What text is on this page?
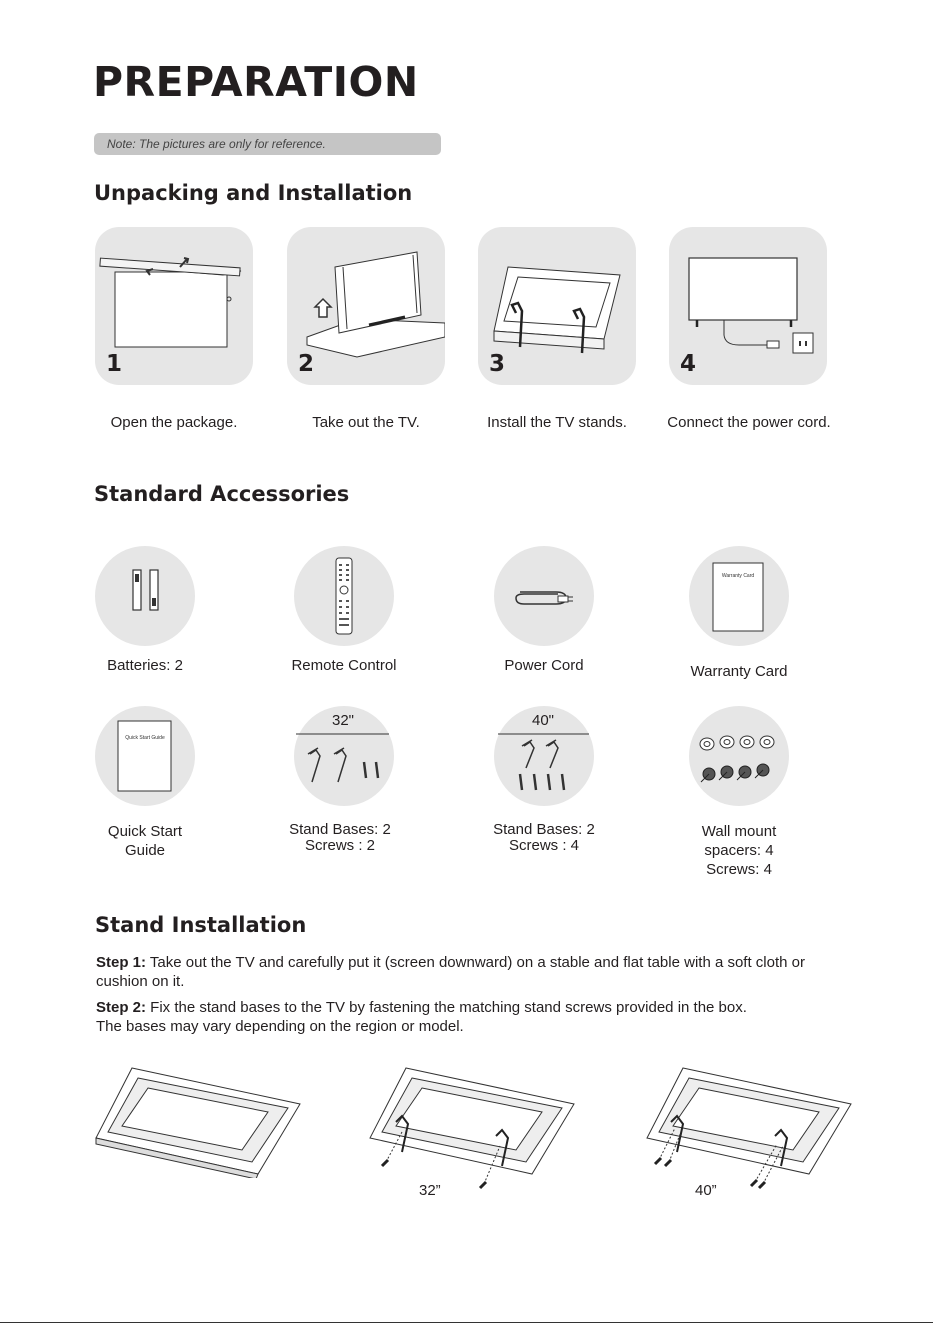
PREPARATION
Note: The pictures are only for reference.
Unpacking and Installation
1	2	3	4
Open the package.	Take out the TV.	Install the TV stands.	Connect the power cord.
Standard Accessories
Warranty Card
Batteries: 2	Remote Control	Power Cord	Warranty Card
Quick Start Guide
32"	40"
Quick Start
Guide
Stand Bases: 2
Screws : 2
Stand Bases: 2
Screws : 4
Wall mount
spacers: 4
Screws: 4
Stand Installation
Step 1: Take out the TV and carefully put it (screen downward) on a stable and flat table with a soft cloth or cushion on it.
Step 2: Fix the stand bases to the TV by fastening the matching stand screws provided in the box.
The bases may vary depending on the region or model.
32”	40”
